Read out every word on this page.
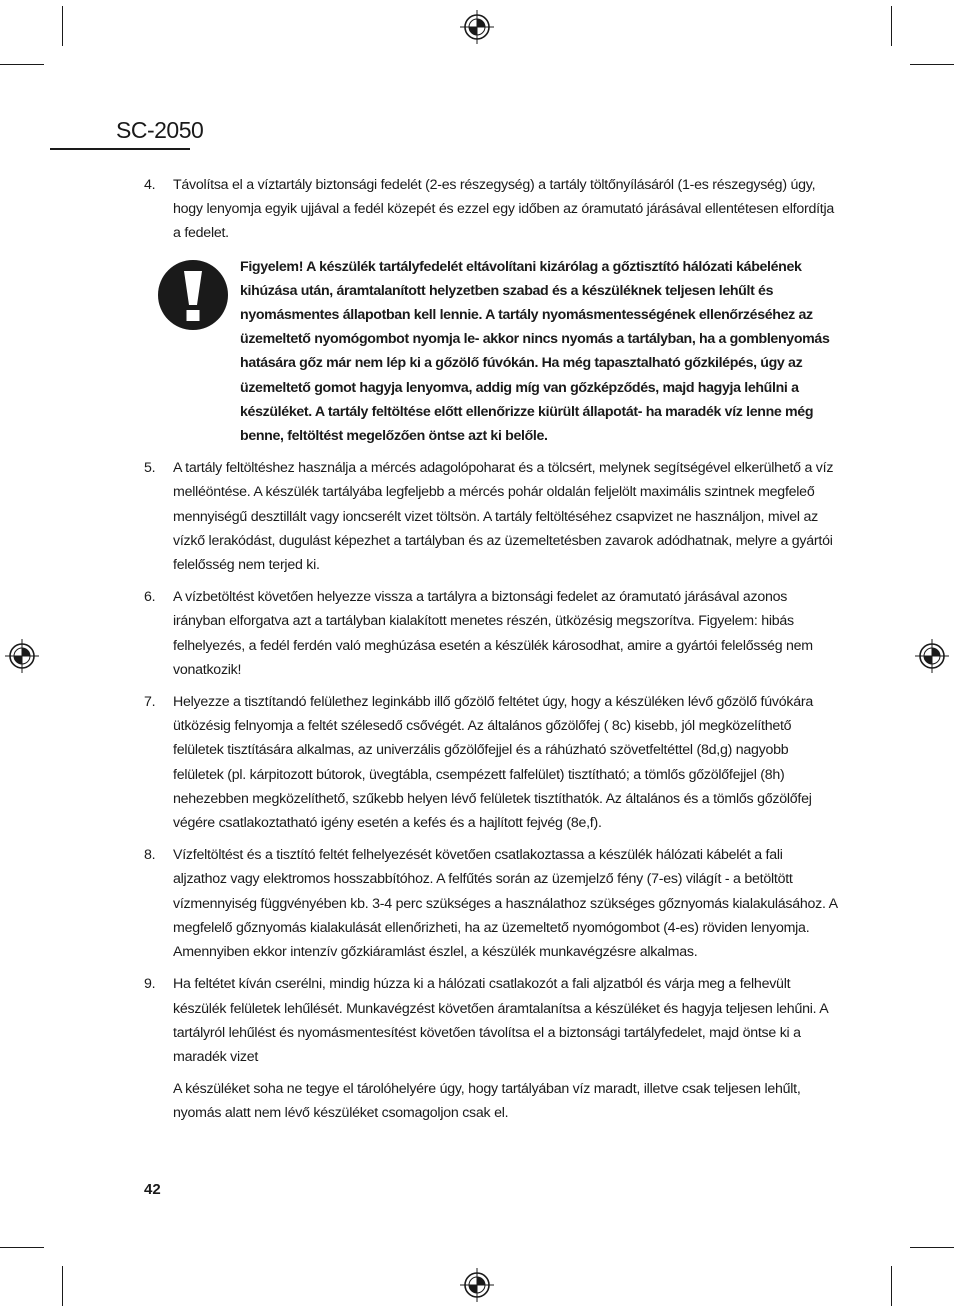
SC-2050
4. Távolítsa el a víztartály biztonsági fedelét (2-es részegység) a tartály töltőnyílásáról (1-es részegység) úgy, hogy lenyomja egyik ujjával a fedél közepét és ezzel egy időben az óramutató járásával ellentétesen elfordítja a fedelet.
Figyelem! A készülék tartályfedelét eltávolítani kizárólag a gőztisztító hálózati kábelének kihúzása után, áramtalanított helyzetben szabad és a készüléknek teljesen lehűlt és nyomásmentes állapotban kell lennie. A tartály nyomásmentességének ellenőrzéséhez az üzemeltető nyomógombot nyomja le- akkor nincs nyomás a tartályban, ha a gomblenyomás hatására gőz már nem lép ki a gőzölő fúvókán. Ha még tapasztalható gőzkilépés, úgy az üzemeltető gomot hagyja lenyomva, addig míg van gőzképződés, majd hagyja lehűlni a készüléket. A tartály feltöltése előtt ellenőrizze kiürült állapotát- ha maradék víz lenne még benne, feltöltést megelőzően öntse azt ki belőle.
5. A tartály feltöltéshez használja a mércés adagolópoharat és a tölcsért, melynek segítségével elkerülhető a víz melléöntése. A készülék tartályába legfeljebb a mércés pohár oldalán feljelölt maximális szintnek megfeleő mennyiségű desztillált vagy ioncserélt vizet töltsön. A tartály feltöltéséhez csapvizet ne használjon, mivel az vízkő lerakódást, dugulást képezhet a tartályban és az üzemeltetésben zavarok adódhatnak, melyre a gyártói felelősség nem terjed ki.
6. A vízbetöltést követően helyezze vissza a tartályra a biztonsági fedelet az óramutató járásával azonos irányban elforgatva azt a tartályban kialakított menetes részén, ütközésig megszorítva. Figyelem: hibás felhelyezés, a fedél ferdén való meghúzása esetén a készülék károsodhat, amire a gyártói felelősség nem vonatkozik!
7. Helyezze a tisztítandó felülethez leginkább illő gőzölő feltétet úgy, hogy a készüléken lévő gőzölő fúvókára ütközésig felnyomja a feltét szélesedő csővégét. Az általános gőzölőfej ( 8c) kisebb, jól megközelíthető felületek tisztítására alkalmas, az univerzális gőzölőfejjel és a ráhúzható szövetfeltéttel (8d,g) nagyobb felületek (pl. kárpitozott bútorok, üvegtábla, csempézett falfelület) tisztítható; a tömlős gőzölőfejjel (8h) nehezebben megközelíthető, szűkebb helyen lévő felületek tisztíthatók. Az általános és a tömlős gőzölőfej végére csatlakoztatható igény esetén a kefés és a hajlított fejvég (8e,f).
8. Vízfeltöltést és a tisztító feltét felhelyezését követően csatlakoztassa a készülék hálózati kábelét a fali aljzathoz vagy elektromos hosszabbítóhoz. A felfűtés során az üzemjelző fény (7-es) világít - a betöltött vízmennyiség függvényében kb. 3-4 perc szükséges a használathoz szükséges gőznyomás kialakulásához. A megfelelő gőznyomás kialakulását ellenőrizheti, ha az üzemeltető nyomógombot (4-es) röviden lenyomja. Amennyiben ekkor intenzív gőzkiáramlást észlel, a készülék munkavégzésre alkalmas.
9. Ha feltétet kíván cserélni, mindig húzza ki a hálózati csatlakozót a fali aljzatból és várja meg a felhevült készülék felületek lehűlését. Munkavégzést követően áramtalanítsa a készüléket és hagyja teljesen lehűni. A tartályról lehűlést és nyomásmentesítést követően távolítsa el a biztonsági tartályfedelet, majd öntse ki a maradék vizet
A készüléket soha ne tegye el tárolóhelyére úgy, hogy tartályában víz maradt, illetve csak teljesen lehűlt, nyomás alatt nem lévő készüléket csomagoljon csak el.
42
